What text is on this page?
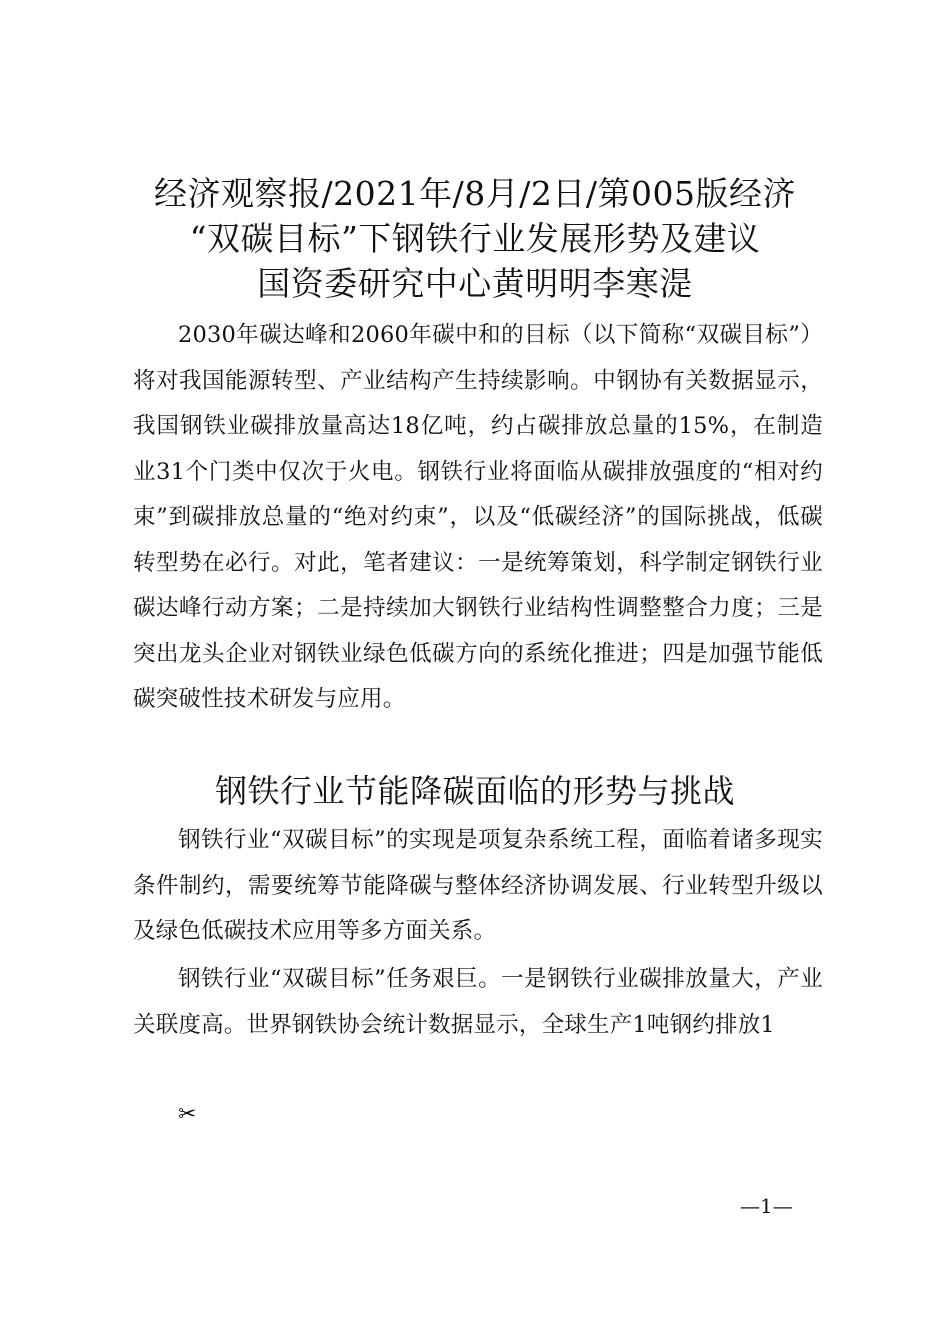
经济观察报/2021年/8月/2日/第005版经济
“双碳目标”下钢铁行业发展形势及建议
国资委研究中心黄明明李寒湜

2030年碳达峰和2060年碳中和的目标（以下简称“双碳目标”）将对我国能源转型、产业结构产生持续影响。中钢协有关数据显示，我国钢铁业碳排放量高达18亿吨，约占碳排放总量的15%，在制造业31个门类中仅次于火电。钢铁行业将面临从碳排放强度的“相对约束”到碳排放总量的“绝对约束”，以及“低碳经济”的国际挑战，低碳转型势在必行。对此，笔者建议：一是统筹策划，科学制定钢铁行业碳达峰行动方案；二是持续加大钢铁行业结构性调整整合力度；三是突出龙头企业对钢铁业绿色低碳方向的系统化推进；四是加强节能低碳突破性技术研发与应用。

钢铁行业节能降碳面临的形势与挑战

钢铁行业“双碳目标”的实现是项复杂系统工程，面临着诸多现实条件制约，需要统筹节能降碳与整体经济协调发展、行业转型升级以及绿色低碳技术应用等多方面关系。

钢铁行业“双碳目标”任务艰巨。一是钢铁行业碳排放量大，产业关联度高。世界钢铁协会统计数据显示，全球生产1吨钢约排放1

✂
—1—
